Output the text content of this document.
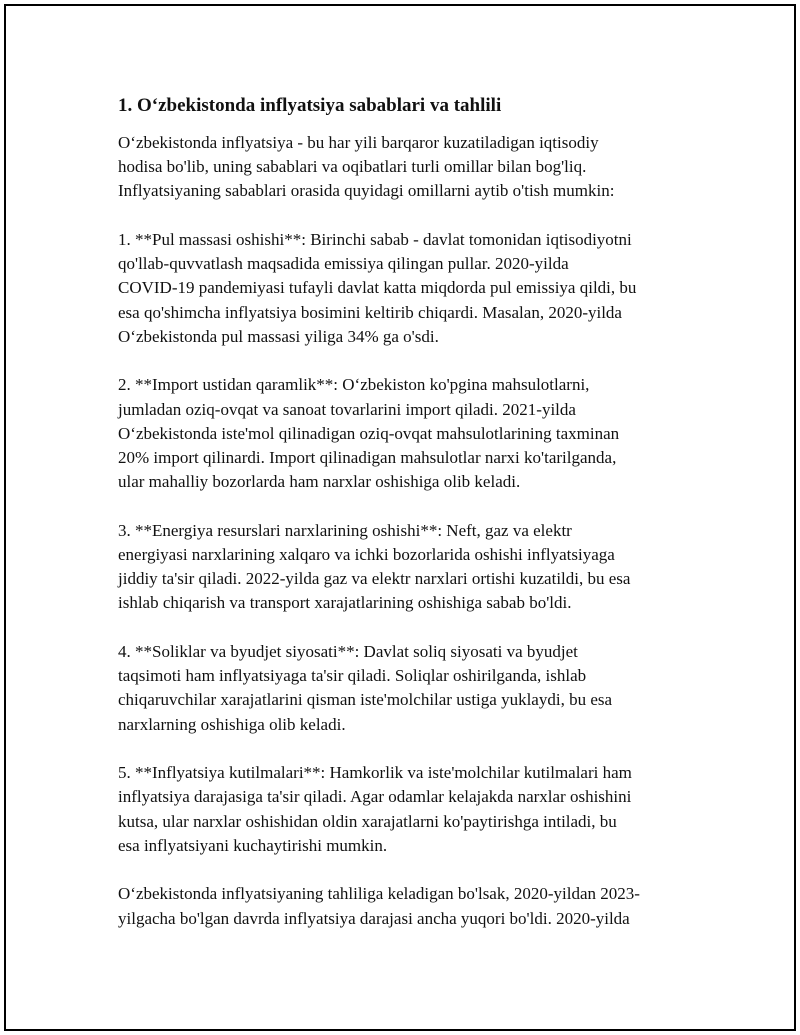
1. Oʻzbekistonda inflyatsiya sabablari va tahlili

Oʻzbekistonda inflyatsiya - bu har yili barqaror kuzatiladigan iqtisodiy
hodisa bo'lib, uning sabablari va oqibatlari turli omillar bilan bog'liq.
Inflyatsiyaning sabablari orasida quyidagi omillarni aytib o'tish mumkin:

1. **Pul massasi oshishi**: Birinchi sabab - davlat tomonidan iqtisodiyotni
qo'llab-quvvatlash maqsadida emissiya qilingan pullar. 2020-yilda
COVID-19 pandemiyasi tufayli davlat katta miqdorda pul emissiya qildi, bu
esa qo'shimcha inflyatsiya bosimini keltirib chiqardi. Masalan, 2020-yilda
Oʻzbekistonda pul massasi yiliga 34% ga o'sdi.

2. **Import ustidan qaramlik**: Oʻzbekiston ko'pgina mahsulotlarni,
jumladan oziq-ovqat va sanoat tovarlarini import qiladi. 2021-yilda
Oʻzbekistonda iste'mol qilinadigan oziq-ovqat mahsulotlarining taxminan
20% import qilinardi. Import qilinadigan mahsulotlar narxi ko'tarilganda,
ular mahalliy bozorlarda ham narxlar oshishiga olib keladi.

3. **Energiya resurslari narxlarining oshishi**: Neft, gaz va elektr
energiyasi narxlarining xalqaro va ichki bozorlarida oshishi inflyatsiyaga
jiddiy ta'sir qiladi. 2022-yilda gaz va elektr narxlari ortishi kuzatildi, bu esa
ishlab chiqarish va transport xarajatlarining oshishiga sabab bo'ldi.

4. **Soliklar va byudjet siyosati**: Davlat soliq siyosati va byudjet
taqsimoti ham inflyatsiyaga ta'sir qiladi. Soliqlar oshirilganda, ishlab
chiqaruvchilar xarajatlarini qisman iste'molchilar ustiga yuklaydi, bu esa
narxlarning oshishiga olib keladi.

5. **Inflyatsiya kutilmalari**: Hamkorlik va iste'molchilar kutilmalari ham
inflyatsiya darajasiga ta'sir qiladi. Agar odamlar kelajakda narxlar oshishini
kutsa, ular narxlar oshishidan oldin xarajatlarni ko'paytirishga intiladi, bu
esa inflyatsiyani kuchaytirishi mumkin.

Oʻzbekistonda inflyatsiyaning tahliliga keladigan bo'lsak, 2020-yildan 2023-
yilgacha bo'lgan davrda inflyatsiya darajasi ancha yuqori bo'ldi. 2020-yilda
